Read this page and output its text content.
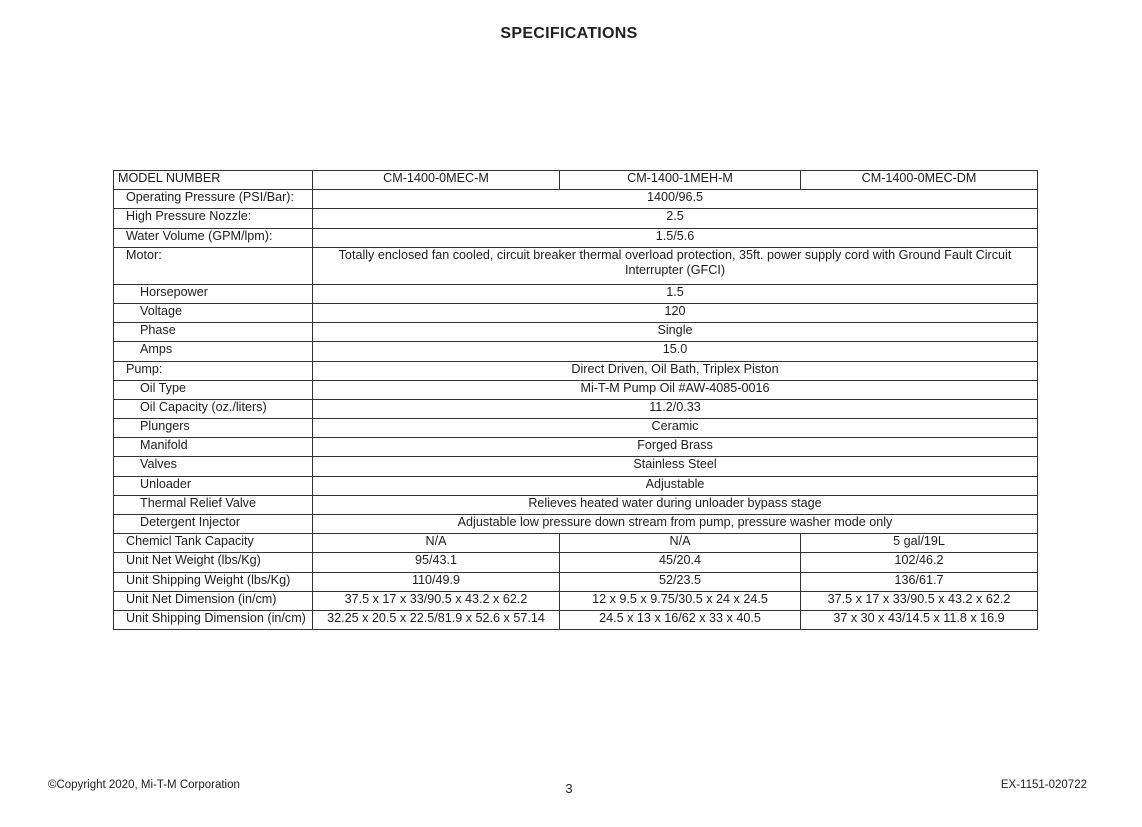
SPECIFICATIONS
MODEL NUMBER	CM-1400-0MEC-M	CM-1400-1MEH-M	CM-1400-0MEC-DM
Operating Pressure (PSI/Bar):	1400/96.5		
High Pressure Nozzle:	2.5		
Water Volume (GPM/lpm):	1.5/5.6		
Motor:	Totally enclosed fan cooled, circuit breaker thermal overload protection, 35ft. power supply cord with Ground Fault Circuit Interrupter (GFCI)		
Horsepower	1.5		
Voltage	120		
Phase	Single		
Amps	15.0		
Pump:	Direct Driven, Oil Bath, Triplex Piston		
Oil Type	Mi-T-M Pump Oil #AW-4085-0016		
Oil Capacity (oz./liters)	11.2/0.33		
Plungers	Ceramic		
Manifold	Forged Brass		
Valves	Stainless Steel		
Unloader	Adjustable		
Thermal Relief Valve	Relieves heated water during unloader bypass stage		
Detergent Injector	Adjustable low pressure down stream from pump, pressure washer mode only		
Chemicl Tank Capacity	N/A	N/A	5 gal/19L
Unit Net Weight (lbs/Kg)	95/43.1	45/20.4	102/46.2
Unit Shipping Weight (lbs/Kg)	110/49.9	52/23.5	136/61.7
Unit Net Dimension (in/cm)	37.5 x 17 x 33/90.5 x 43.2 x 62.2	12 x 9.5 x 9.75/30.5 x 24 x 24.5	37.5 x 17 x 33/90.5 x 43.2 x 62.2
Unit Shipping Dimension (in/cm)	32.25 x 20.5 x 22.5/81.9 x 52.6 x 57.14	24.5 x 13 x 16/62 x 33 x 40.5	37 x 30 x 43/14.5 x 11.8 x 16.9
©Copyright 2020, Mi-T-M Corporation	3	EX-1151-020722
